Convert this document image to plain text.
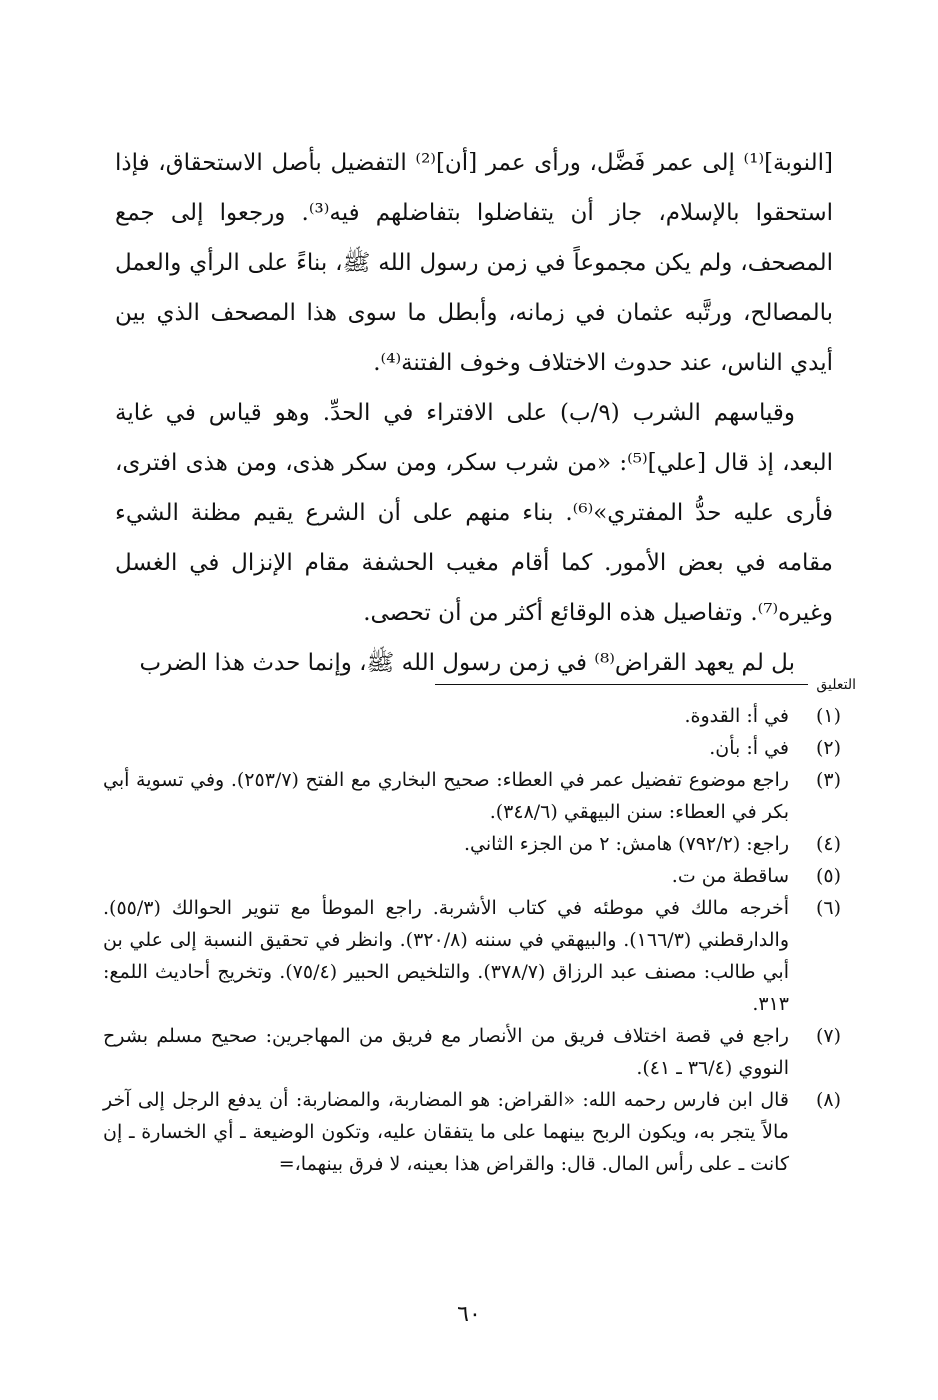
[النوبة]⁽¹⁾ إلى عمر فَضَّل، ورأى عمر [أن]⁽²⁾ التفضيل بأصل الاستحقاق، فإذا استحقوا بالإسلام، جاز أن يتفاضلوا بتفاضلهم فيه⁽³⁾. ورجعوا إلى جمع المصحف، ولم يكن مجموعاً في زمن رسول الله ﷺ، بناءً على الرأي والعمل بالمصالح، ورتَّبه عثمان في زمانه، وأبطل ما سوى هذا المصحف الذي بين أيدي الناس، عند حدوث الاختلاف وخوف الفتنة⁽⁴⁾.

وقياسهم الشرب (٩/ب) على الافتراء في الحدِّ. وهو قياس في غاية البعد، إذ قال [علي]⁽⁵⁾: «من شرب سكر، ومن سكر هذى، ومن هذى افترى، فأرى عليه حدُّ المفتري»⁽⁶⁾. بناء منهم على أن الشرع يقيم مظنة الشيء مقامه في بعض الأمور. كما أقام مغيب الحشفة مقام الإنزال في الغسل وغيره⁽⁷⁾. وتفاصيل هذه الوقائع أكثر من أن تحصى.

بل لم يعهد القراض⁽⁸⁾ في زمن رسول الله ﷺ، وإنما حدث هذا الضرب

التعليق
(١)
في أ: القدوة.
(٢)
في أ: بأن.
(٣)
راجع موضوع تفضيل عمر في العطاء: صحيح البخاري مع الفتح (٢٥٣/٧). وفي تسوية أبي بكر في العطاء: سنن البيهقي (٣٤٨/٦).
(٤)
راجع: (٧٩٢/٢) هامش: ٢ من الجزء الثاني.
(٥)
ساقطة من ت.
(٦)
أخرجه مالك في موطئه في كتاب الأشربة. راجع الموطأ مع تنوير الحوالك (٥٥/٣). والدارقطني (١٦٦/٣). والبيهقي في سننه (٣٢٠/٨). وانظر في تحقيق النسبة إلى علي بن أبي طالب: مصنف عبد الرزاق (٣٧٨/٧). والتلخيص الحبير (٧٥/٤). وتخريج أحاديث اللمع: ٣١٣.
(٧)
راجع في قصة اختلاف فريق من الأنصار مع فريق من المهاجرين: صحيح مسلم بشرح النووي (٣٦/٤ ـ ٤١).
(٨)
قال ابن فارس رحمه الله: «القراض: هو المضاربة، والمضاربة: أن يدفع الرجل إلى آخر مالاً يتجر به، ويكون الربح بينهما على ما يتفقان عليه، وتكون الوضيعة ـ أي الخسارة ـ إن كانت ـ على رأس المال. قال: والقراض هذا بعينه، لا فرق بينهما،=
٦٠
